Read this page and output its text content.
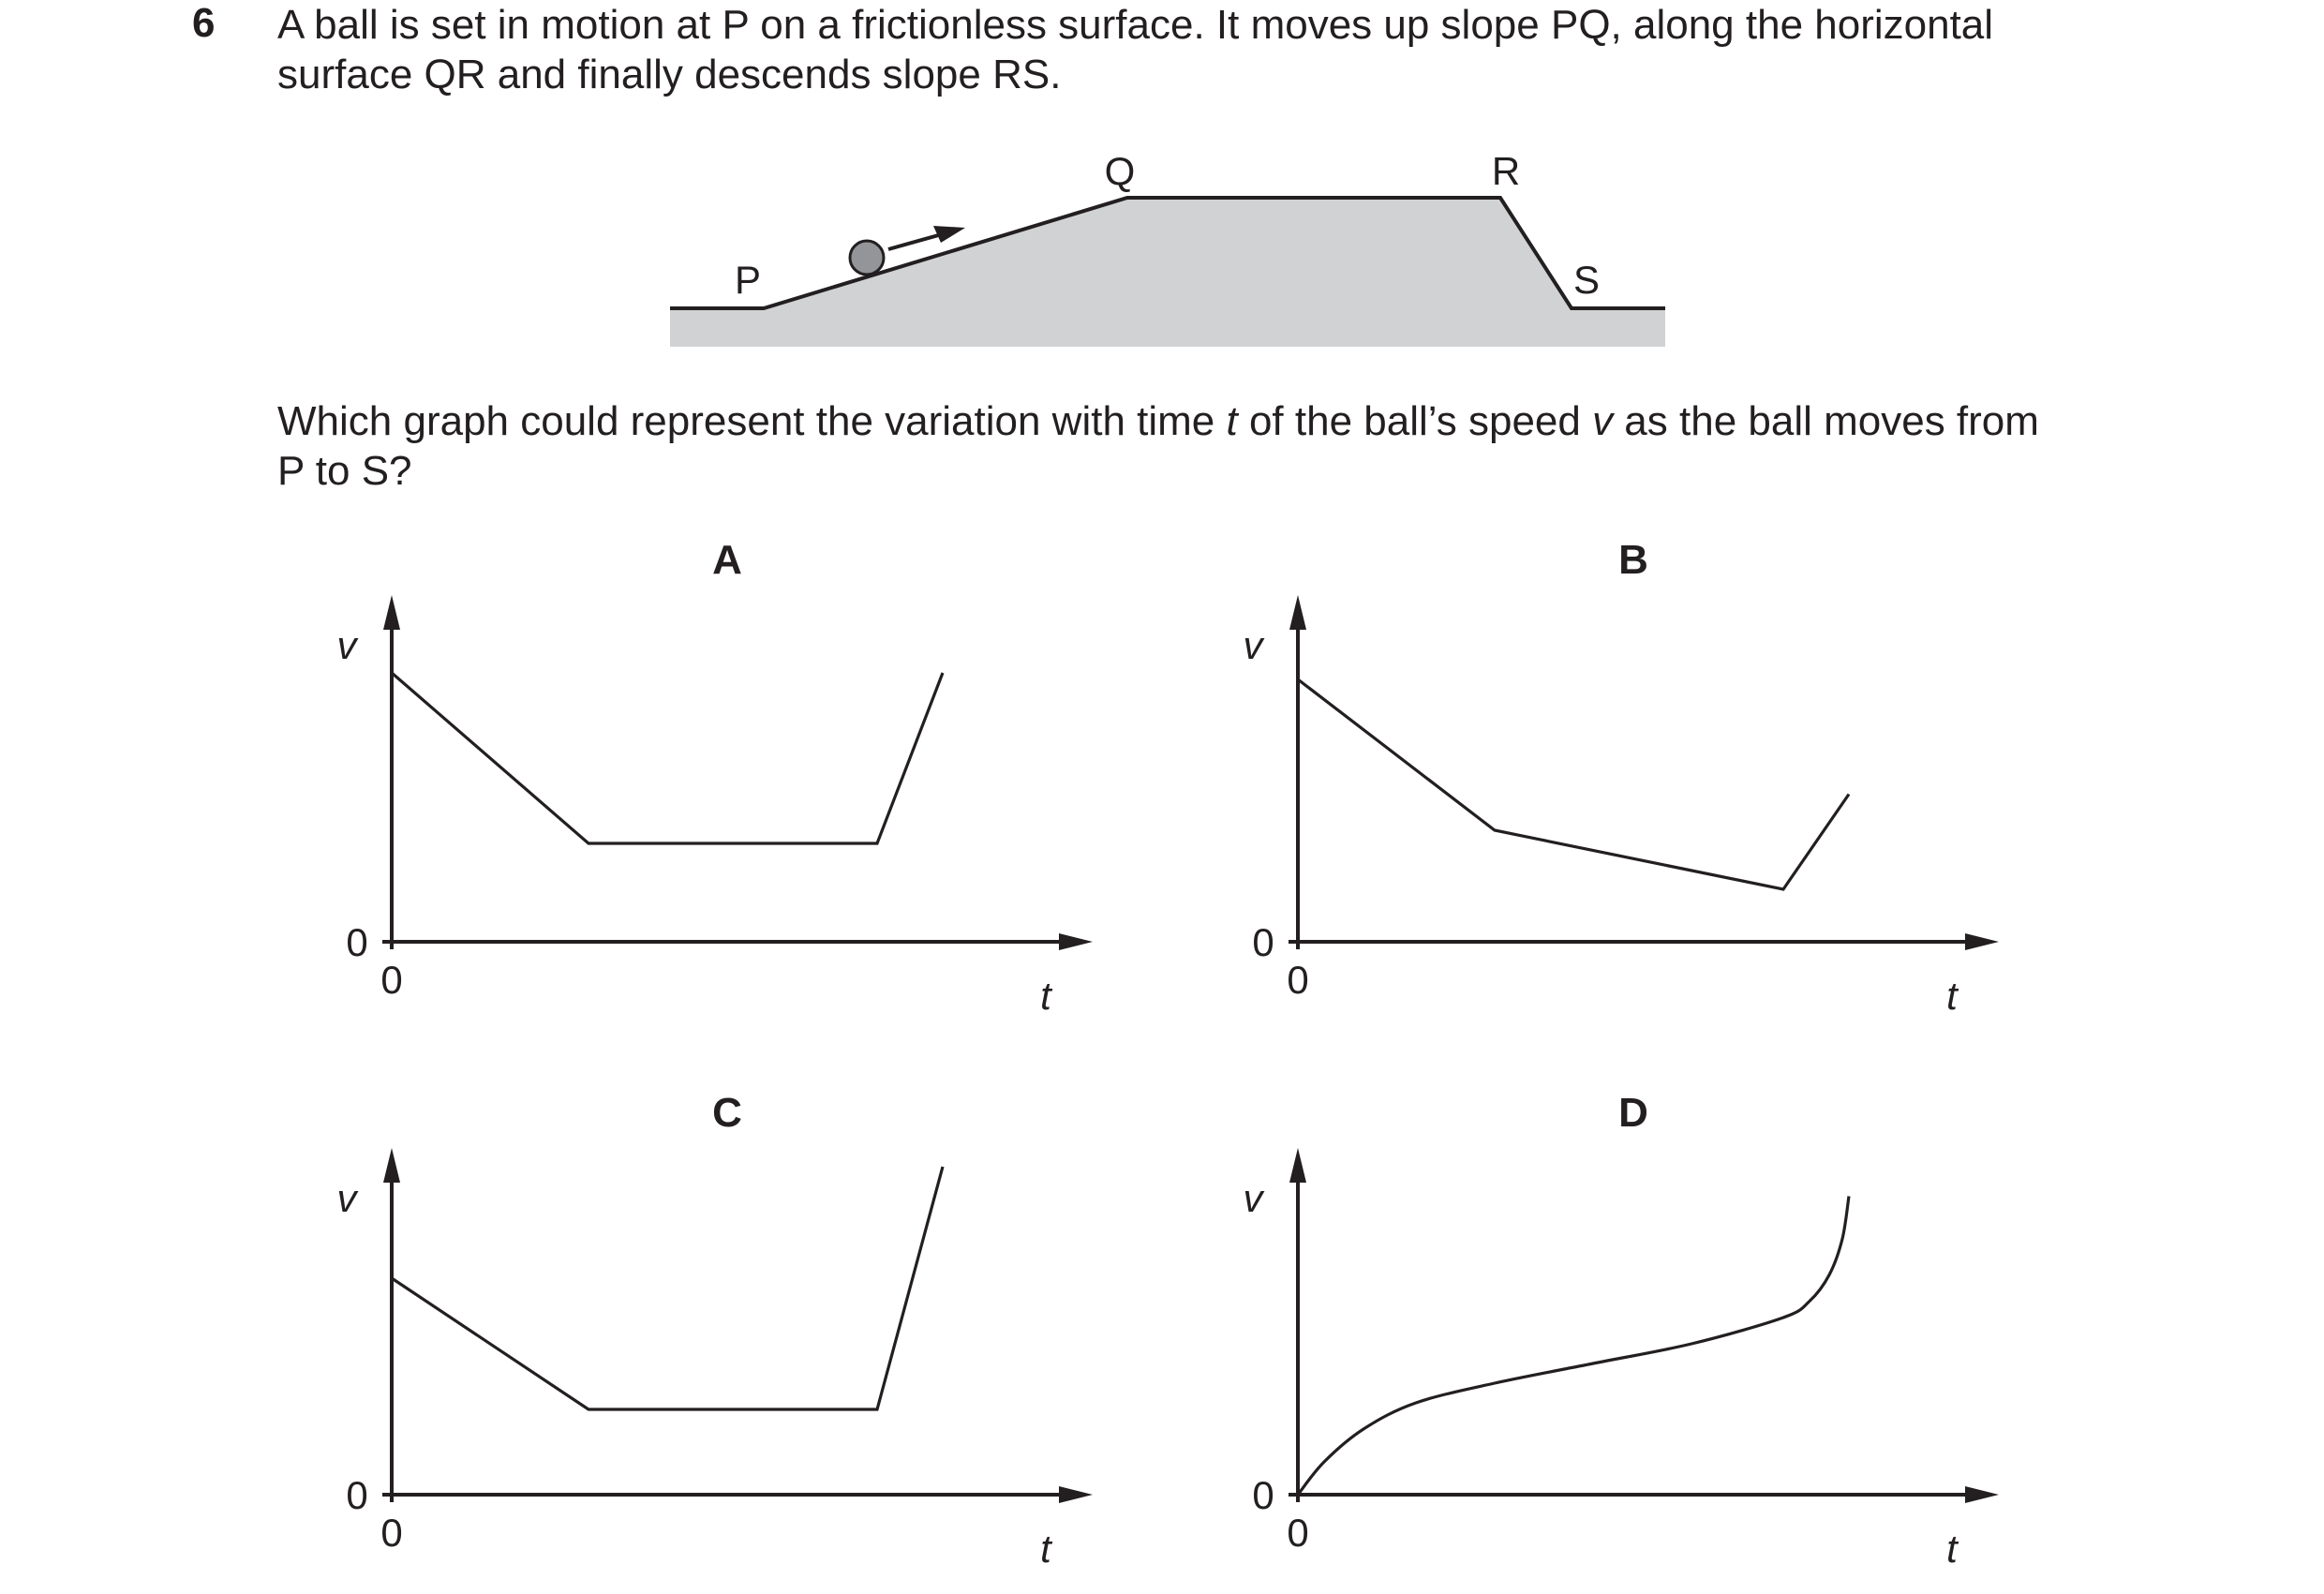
6 A ball is set in motion at P on a frictionless surface. It moves up slope PQ, along the horizontal
surface QR and finally descends slope RS.

P
Q	R
S

Which graph could represent the variation with time t of the ball’s speed v as the ball moves from
P to S?

A
v
t
0
0
B
v
t
0
0
C
v
t
0
0
D
v
t
0
0
